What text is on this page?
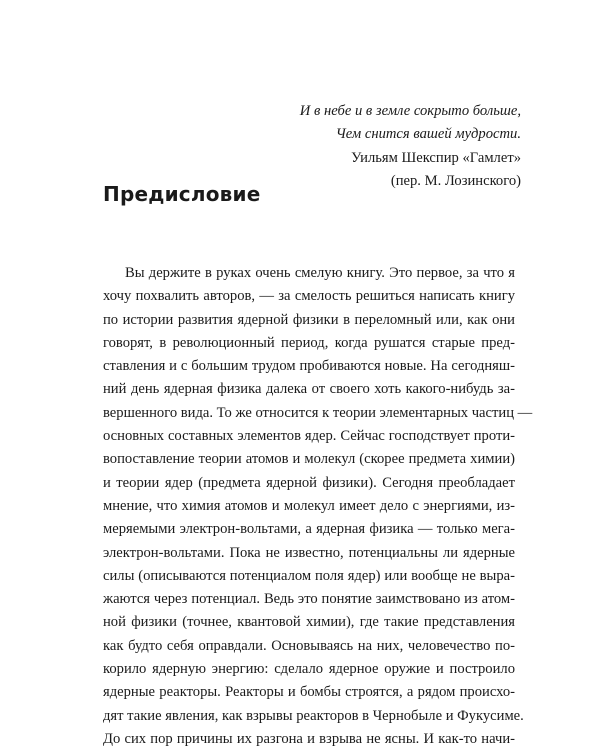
И в небе и в земле сокрыто больше,
Чем снится вашей мудрости.
Уильям Шекспир «Гамлет»
(пер. М. Лозинского)
Предисловие
Вы держите в руках очень смелую книгу. Это первое, за что я
хочу похвалить авторов, — за смелость решиться написать книгу
по истории развития ядерной физики в переломный или, как они
говорят, в революционный период, когда рушатся старые пред-
ставления и с большим трудом пробиваются новые. На сегодняш-
ний день ядерная физика далека от своего хоть какого-нибудь за-
вершенного вида. То же относится к теории элементарных частиц —
основных составных элементов ядер. Сейчас господствует проти-
вопоставление теории атомов и молекул (скорее предмета химии)
и теории ядер (предмета ядерной физики). Сегодня преобладает
мнение, что химия атомов и молекул имеет дело с энергиями, из-
меряемыми электрон-вольтами, а ядерная физика — только мега-
электрон-вольтами. Пока не известно, потенциальны ли ядерные
силы (описываются потенциалом поля ядер) или вообще не выра-
жаются через потенциал. Ведь это понятие заимствовано из атом-
ной физики (точнее, квантовой химии), где такие представления
как будто себя оправдали. Основываясь на них, человечество по-
корило ядерную энергию: сделало ядерное оружие и построило
ядерные реакторы. Реакторы и бомбы строятся, а рядом происхо-
дят такие явления, как взрывы реакторов в Чернобыле и Фукусиме.
До сих пор причины их разгона и взрыва не ясны. И как-то начи-
